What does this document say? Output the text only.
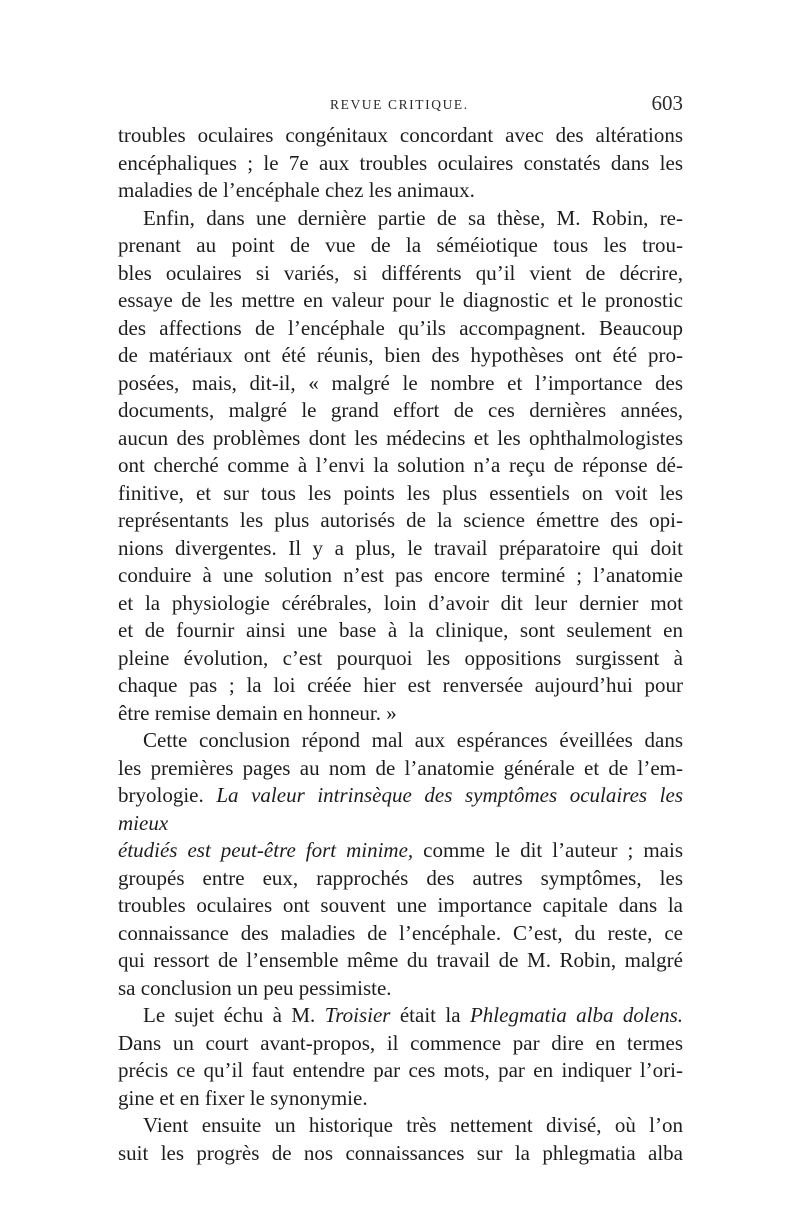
REVUE CRITIQUE.	603

troubles oculaires congénitaux concordant avec des altérations

encéphaliques ; le 7e aux troubles oculaires constatés dans les

maladies de l’encéphale chez les animaux.

Enfin, dans une dernière partie de sa thèse, M. Robin, re-

prenant au point de vue de la séméiotique tous les trou-

bles oculaires si variés, si différents qu’il vient de décrire,

essaye de les mettre en valeur pour le diagnostic et le pronostic

des affections de l’encéphale qu’ils accompagnent. Beaucoup

de matériaux ont été réunis, bien des hypothèses ont été pro-

posées, mais, dit-il, « malgré le nombre et l’importance des

documents, malgré le grand effort de ces dernières années,

aucun des problèmes dont les médecins et les ophthalmologistes

ont cherché comme à l’envi la solution n’a reçu de réponse dé-

finitive, et sur tous les points les plus essentiels on voit les

représentants les plus autorisés de la science émettre des opi-

nions divergentes. Il y a plus, le travail préparatoire qui doit

conduire à une solution n’est pas encore terminé ; l’anatomie

et la physiologie cérébrales, loin d’avoir dit leur dernier mot

et de fournir ainsi une base à la clinique, sont seulement en

pleine évolution, c’est pourquoi les oppositions surgissent à

chaque pas ; la loi créée hier est renversée aujourd’hui pour

être remise demain en honneur. »

Cette conclusion répond mal aux espérances éveillées dans

les premières pages au nom de l’anatomie générale et de l’em-

bryologie. La valeur intrinsèque des symptômes oculaires les mieux

étudiés est peut-être fort minime, comme le dit l’auteur ; mais

groupés entre eux, rapprochés des autres symptômes, les

troubles oculaires ont souvent une importance capitale dans la

connaissance des maladies de l’encéphale. C’est, du reste, ce

qui ressort de l’ensemble même du travail de M. Robin, malgré

sa conclusion un peu pessimiste.

Le sujet échu à M. Troisier était la Phlegmatia alba dolens.

Dans un court avant-propos, il commence par dire en termes

précis ce qu’il faut entendre par ces mots, par en indiquer l’ori-

gine et en fixer le synonymie.

Vient ensuite un historique très nettement divisé, où l’on

suit les progrès de nos connaissances sur la phlegmatia alba
